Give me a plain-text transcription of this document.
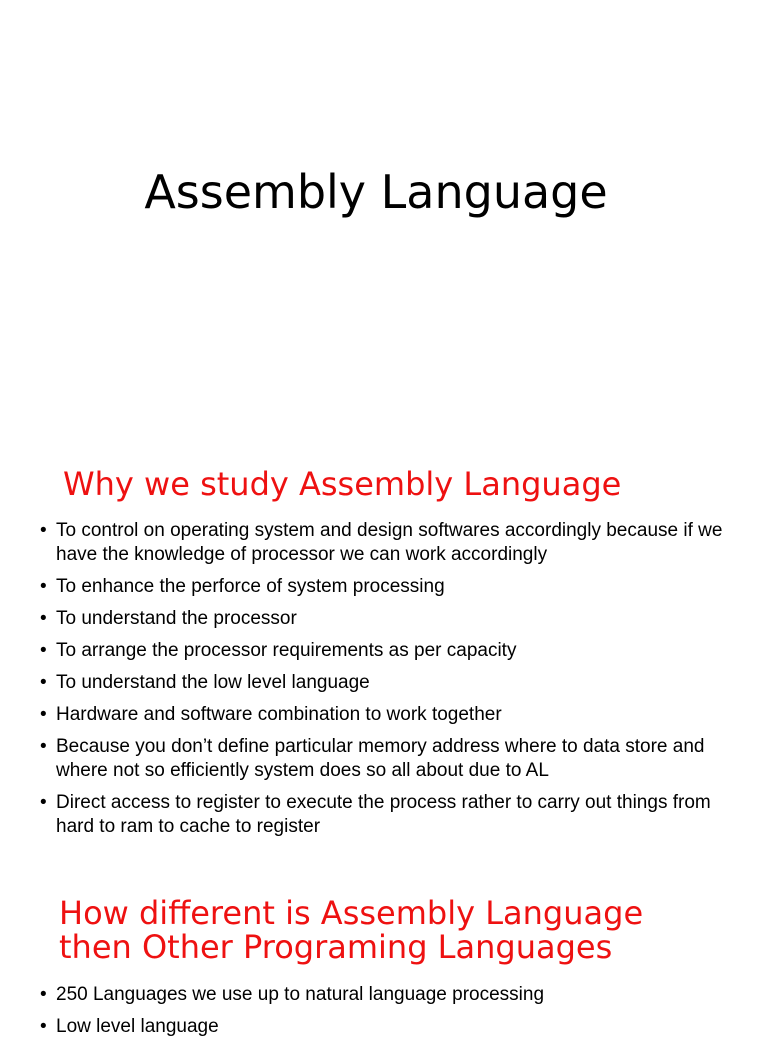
Assembly Language
Why we study Assembly Language
• To control on operating system and design softwares accordingly because if we have the knowledge of processor we can work accordingly
• To enhance the perforce of system processing
• To understand the processor
• To arrange the processor requirements as per capacity
• To understand the low level language
• Hardware and software combination to work together
• Because you don’t define particular memory address where to data store and where not so efficiently system does so all about due to AL
• Direct access to register to execute the process rather to carry out things from  hard to ram to cache to register
How different is Assembly Language then Other Programing Languages
• 250 Languages we use up to natural language processing
• Low level language
